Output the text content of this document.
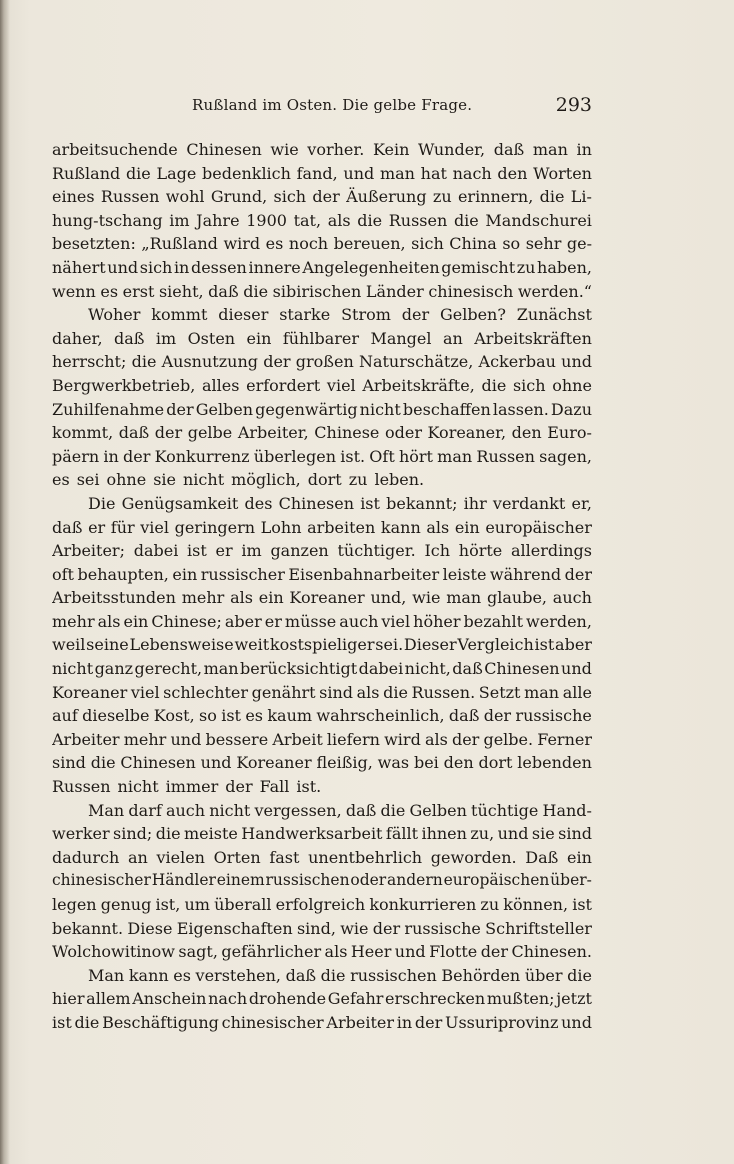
Rußland im Osten. Die gelbe Frage.	293
arbeitsuchende Chinesen wie vorher. Kein Wunder, daß man in
Rußland die Lage bedenklich fand, und man hat nach den Worten
eines Russen wohl Grund, sich der Äußerung zu erinnern, die Li-
hung-tschang im Jahre 1900 tat, als die Russen die Mandschurei
besetzten: „Rußland wird es noch bereuen, sich China so sehr ge-
nähert und sich in dessen innere Angelegenheiten gemischt zu haben,
wenn es erst sieht, daß die sibirischen Länder chinesisch werden.“
Woher kommt dieser starke Strom der Gelben? Zunächst
daher, daß im Osten ein fühlbarer Mangel an Arbeitskräften
herrscht; die Ausnutzung der großen Naturschätze, Ackerbau und
Bergwerkbetrieb, alles erfordert viel Arbeitskräfte, die sich ohne
Zuhilfenahme der Gelben gegenwärtig nicht beschaffen lassen. Dazu
kommt, daß der gelbe Arbeiter, Chinese oder Koreaner, den Euro-
päern in der Konkurrenz überlegen ist. Oft hört man Russen sagen,
es sei ohne sie nicht möglich, dort zu leben.
Die Genügsamkeit des Chinesen ist bekannt; ihr verdankt er,
daß er für viel geringern Lohn arbeiten kann als ein europäischer
Arbeiter; dabei ist er im ganzen tüchtiger. Ich hörte allerdings
oft behaupten, ein russischer Eisenbahnarbeiter leiste während der
Arbeitsstunden mehr als ein Koreaner und, wie man glaube, auch
mehr als ein Chinese; aber er müsse auch viel höher bezahlt werden,
weil seine Lebensweise weit kostspieliger sei. Dieser Vergleich ist aber
nicht ganz gerecht, man berücksichtigt dabei nicht, daß Chinesen und
Koreaner viel schlechter genährt sind als die Russen. Setzt man alle
auf dieselbe Kost, so ist es kaum wahrscheinlich, daß der russische
Arbeiter mehr und bessere Arbeit liefern wird als der gelbe. Ferner
sind die Chinesen und Koreaner fleißig, was bei den dort lebenden
Russen nicht immer der Fall ist.
Man darf auch nicht vergessen, daß die Gelben tüchtige Hand-
werker sind; die meiste Handwerksarbeit fällt ihnen zu, und sie sind
dadurch an vielen Orten fast unentbehrlich geworden. Daß ein
chinesischer Händler einem russischen oder andern europäischen über-
legen genug ist, um überall erfolgreich konkurrieren zu können, ist
bekannt. Diese Eigenschaften sind, wie der russische Schriftsteller
Wolchowitinow sagt, gefährlicher als Heer und Flotte der Chinesen.
Man kann es verstehen, daß die russischen Behörden über die
hier allem Anschein nach drohende Gefahr erschrecken mußten; jetzt
ist die Beschäftigung chinesischer Arbeiter in der Ussuriprovinz und
